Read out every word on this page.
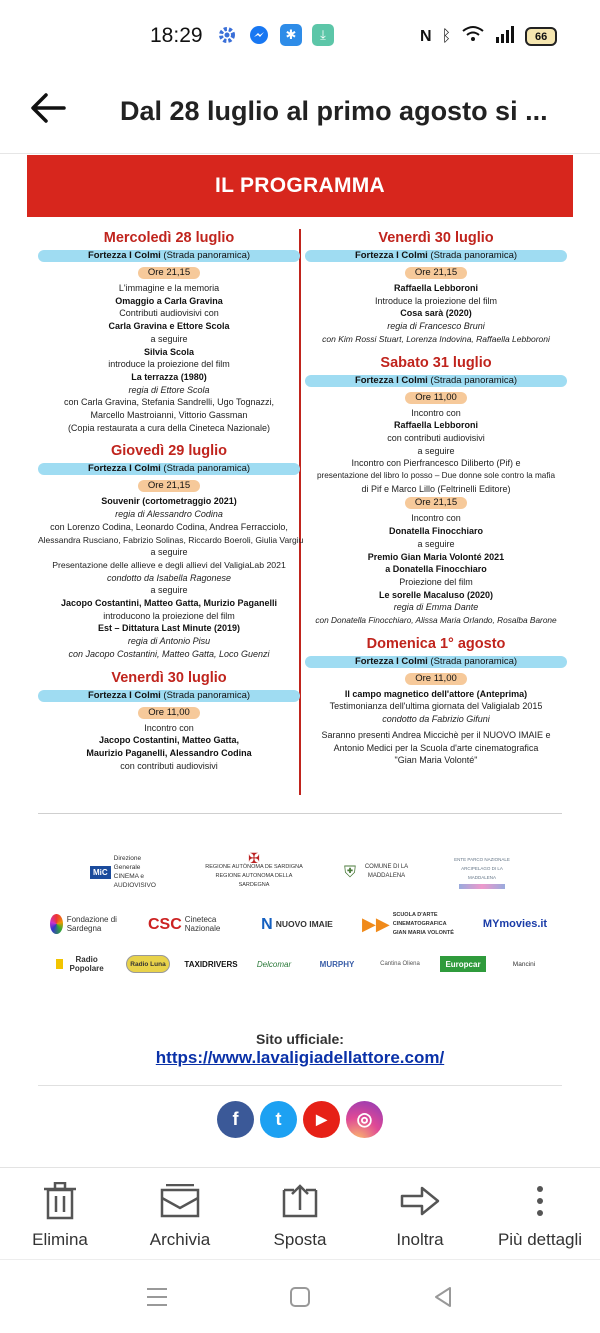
18:29	✱	⤓	N ᛒ	66
Dal 28 luglio al primo agosto si ...
IL PROGRAMMA
Mercoledì 28 luglio
Fortezza I Colmi (Strada panoramica)
Ore 21,15
L'immagine e la memoria
Omaggio a Carla Gravina
Contributi audiovisivi con
Carla Gravina e Ettore Scola
a seguire
Silvia Scola
introduce la proiezione del film
La terrazza (1980)
regia di Ettore Scola
con Carla Gravina, Stefania Sandrelli, Ugo Tognazzi,
Marcello Mastroianni, Vittorio Gassman
(Copia restaurata a cura della Cineteca Nazionale)
Giovedì 29 luglio
Fortezza I Colmi (Strada panoramica)
Ore 21,15
Souvenir (cortometraggio 2021)
regia di Alessandro Codina
con Lorenzo Codina, Leonardo Codina, Andrea Ferracciolo,
Alessandra Rusciano, Fabrizio Solinas, Riccardo Boeroli, Giulia Vargiu
a seguire
Presentazione delle allieve e degli allievi del ValigiaLab 2021
condotto da Isabella Ragonese
a seguire
Jacopo Costantini, Matteo Gatta, Murizio Paganelli
introducono la proiezione del film
Est – Dittatura Last Minute (2019)
regia di Antonio Pisu
con Jacopo Costantini, Matteo Gatta, Loco Guenzi
Venerdì 30 luglio
Fortezza I Colmi (Strada panoramica)
Ore 11,00
Incontro con
Jacopo Costantini, Matteo Gatta,
Maurizio Paganelli, Alessandro Codina
con contributi audiovisivi
Venerdì 30 luglio
Fortezza I Colmi (Strada panoramica)
Ore 21,15
Raffaella Lebboroni
Introduce la proiezione del film
Cosa sarà (2020)
regia di Francesco Bruni
con Kim Rossi Stuart, Lorenza Indovina, Raffaella Lebboroni
Sabato 31 luglio
Fortezza I Colmi (Strada panoramica)
Ore 11,00
Incontro con
Raffaella Lebboroni
con contributi audiovisivi
a seguire
Incontro con Pierfrancesco Diliberto (Pif) e
presentazione del libro Io posso – Due donne sole contro la mafia
di Pif e Marco Lillo (Feltrinelli Editore)
Ore 21,15
Incontro con
Donatella Finocchiaro
a seguire
Premio Gian Maria Volonté 2021
a Donatella Finocchiaro
Proiezione del film
Le sorelle Macaluso (2020)
regia di Emma Dante
con Donatella Finocchiaro, Alissa Maria Orlando, Rosalba Barone
Domenica 1° agosto
Fortezza I Colmi (Strada panoramica)
Ore 11,00
Il campo magnetico dell'attore (Anteprima)
Testimonianza dell'ultima giornata del Valigialab 2015
condotto da Fabrizio Gifuni
Saranno presenti Andrea Miccichè per il NUOVO IMAIE e
Antonio Medici per la Scuola d'arte cinematografica
"Gian Maria Volonté"
MiC
Direzione Generale CINEMA e AUDIOVISIVO
✠
REGIONE AUTÒNOMA DE SARDIGNA REGIONE AUTONOMA DELLA SARDEGNA
⛨	COMUNE DI LA MADDALENA
ENTE PARCO NAZIONALE ARCIPELAGO DI LA MADDALENA
Fondazione di Sardegna	CSC Cineteca Nazionale	N NUOVO IMAIE ▶▶ SCUOLA D'ARTE CINEMATOGRAFICA GIAN MARIA VOLONTÉ
MYmovies.it
Radio Popolare	Radio Luna	TAXIDRIVERS	Delcomar	MURPHY	Cantina Oliena	Europcar	Mancini
Sito ufficiale:
https://www.lavaligiadellattore.com/
f	t	▶	◎
Elimina	Archivia	Sposta	Inoltra	Più dettagli
